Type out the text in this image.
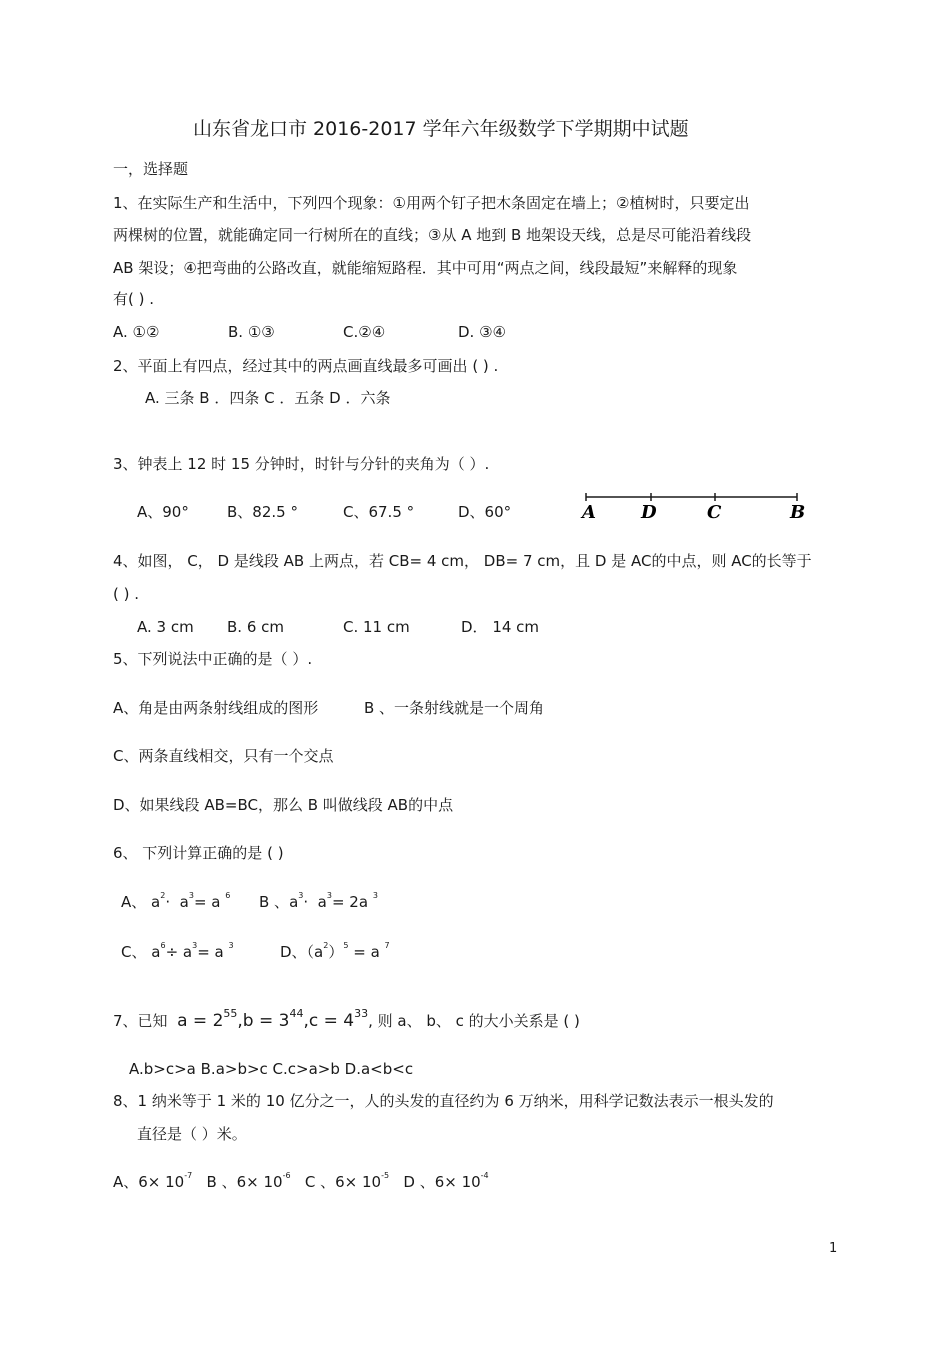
山东省龙口市 2016-2017 学年六年级数学下学期期中试题
一，选择题
1、在实际生产和生活中，下列四个现象：①用两个钉子把木条固定在墙上；②植树时，只要定出
两棵树的位置，就能确定同一行树所在的直线；③从 A 地到 B 地架设天线，总是尽可能沿着线段
AB 架设；④把弯曲的公路改直，就能缩短路程．其中可用“两点之间，线段最短”来解释的现象
有( ) .
A. ①②	B. ①③	C.②④	D. ③④
2、平面上有四点，经过其中的两点画直线最多可画出 ( ) .
A. 三条 B ．四条 C ．五条 D ．六条
3、钟表上 12 时 15 分钟时，时针与分针的夹角为（ ）.
A、90°	B、82.5 °	C、67.5 °	D、60°	A	D	C	B
4、如图， C， D 是线段 AB 上两点，若 CB= 4 cm， DB= 7 cm，且 D 是 AC的中点，则 AC的长等于
( ) .
A. 3 cm B. 6 cm	C. 11 cm	D． 14 cm
5、下列说法中正确的是（ ）.
A、角是由两条射线组成的图形	B 、一条射线就是一个周角
C、两条直线相交，只有一个交点
D、如果线段 AB=BC，那么 B 叫做线段 AB的中点
6、 下列计算正确的是 ( )
A、 $a^2\cdot a^3= a$ $^6$ B 、$a^3\cdot a^3= 2a$ $^3$
C、 $a^6\div a^3= a$ $^3$	D、$(a^2)^5 = a$ $^7$
7、已知 $a = 2^{55},b = 3^{44},c = 4^{33}$, 则 a、 b、 c 的大小关系是 ( )
A.b>c>a B.a>b>c C.c>a>b D.a<b<c
8、1 纳米等于 1 米的 10 亿分之一，人的头发的直径约为 6 万纳米，用科学记数法表示一根头发的
直径是（ ）米。
A、$6\times 10^{-7}$ B 、$6\times 10^{-6}$ C 、$6\times 10^{-5}$ D 、$6\times 10^{-4}$
1
